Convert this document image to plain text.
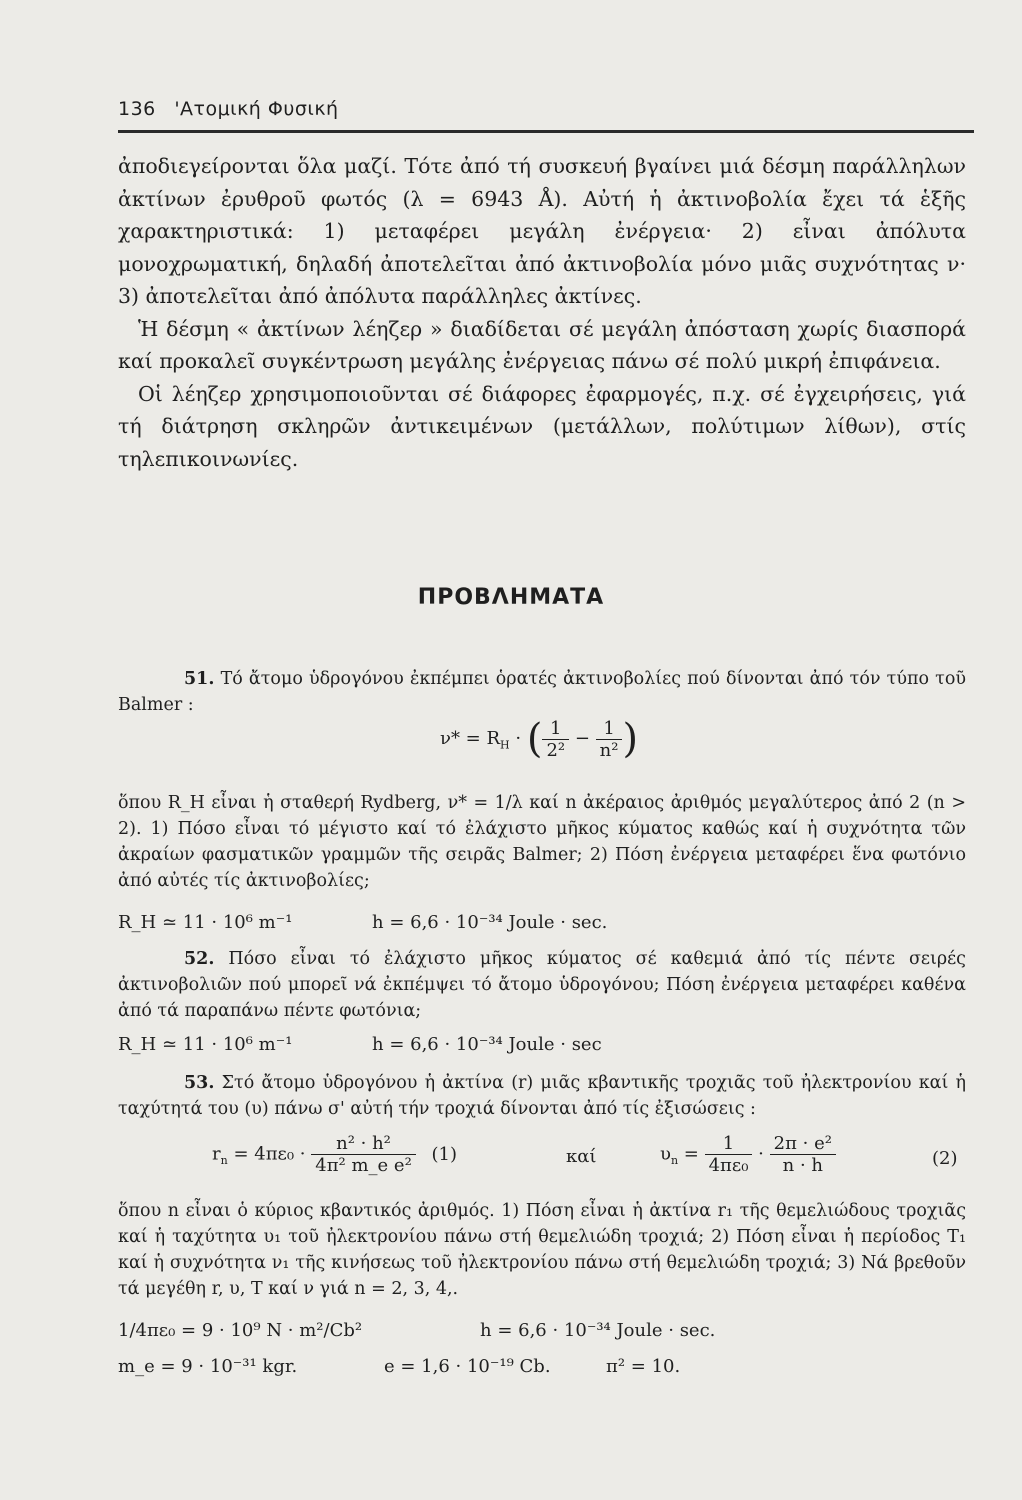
136 'Ατομική Φυσική

ἀποδιεγείρονται ὅλα μαζί. Τότε ἀπό τή συσκευή βγαίνει μιά δέσμη παράλληλων ἀκτίνων ἐρυθροῦ φωτός (λ = 6943 Å). Αὐτή ἡ ἀκτινοβολία ἔχει τά ἑξῆς χαρακτηριστικά: 1) μεταφέρει μεγάλη ἐνέργεια· 2) εἶναι ἀπόλυτα μονοχρωματική, δηλαδή ἀποτελεῖται ἀπό ἀκτινοβολία μόνο μιᾶς συχνότητας ν· 3) ἀποτελεῖται ἀπό ἀπόλυτα παράλληλες ἀκτίνες.

Ἡ δέσμη « ἀκτίνων λέηζερ » διαδίδεται σέ μεγάλη ἀπόσταση χωρίς διασπορά καί προκαλεῖ συγκέντρωση μεγάλης ἐνέργειας πάνω σέ πολύ μικρή ἐπιφάνεια.

Οἱ λέηζερ χρησιμοποιοῦνται σέ διάφορες ἐφαρμογές, π.χ. σέ ἐγχειρήσεις, γιά τή διάτρηση σκληρῶν ἀντικειμένων (μετάλλων, πολύτιμων λίθων), στίς τηλεπικοινωνίες.

ΠΡΟΒΛΗΜΑΤΑ

51. Τό ἄτομο ὑδρογόνου ἐκπέμπει ὁρατές ἀκτινοβολίες πού δίνονται ἀπό τόν τύπο τοῦ Balmer :

$\nu* = R_H$ · ( $\frac{1}{\text{2²}} - \frac{1}{\text{n²}}$ )

ὅπου R_H εἶναι ἡ σταθερή Rydberg, ν* = 1/λ καί n ἀκέραιος ἀριθμός μεγαλύτερος ἀπό 2 (n > 2). 1) Πόσο εἶναι τό μέγιστο καί τό ἐλάχιστο μῆκος κύματος καθώς καί ἡ συχνότητα τῶν ἀκραίων φασματικῶν γραμμῶν τῆς σειρᾶς Balmer; 2) Πόση ἐνέργεια μεταφέρει ἕνα φωτόνιο ἀπό αὐτές τίς ἀκτινοβολίες;

R_H ≃ 11 · 10⁶ m⁻¹	h = 6,6 · 10⁻³⁴ Joule · sec.

52. Πόσο εἶναι τό ἐλάχιστο μῆκος κύματος σέ καθεμιά ἀπό τίς πέντε σειρές ἀκτινοβολιῶν πού μπορεῖ νά ἐκπέμψει τό ἄτομο ὑδρογόνου; Πόση ἐνέργεια μεταφέρει καθένα ἀπό τά παραπάνω πέντε φωτόνια;

R_H ≃ 11 · 10⁶ m⁻¹	h = 6,6 · 10⁻³⁴ Joule · sec

53. Στό ἄτομο ὑδρογόνου ἡ ἀκτίνα (r) μιᾶς κβαντικῆς τροχιᾶς τοῦ ἠλεκτρονίου καί ἡ ταχύτητά του (υ) πάνω σ' αὐτή τήν τροχιά δίνονται ἀπό τίς ἐξισώσεις :

$r_n = 4\pi\varepsilon_0 \cdot \frac{\text{n² · h²}}{\text{4π² m\_e e²}} (1)$	καί	$\upsilon_n = \frac{1}{\text{4πε₀}} \cdot \frac{\text{2π · e²}}{n \cdot h}$	(2)

ὅπου n εἶναι ὁ κύριος κβαντικός ἀριθμός. 1) Πόση εἶναι ἡ ἀκτίνα r₁ τῆς θεμελιώδους τροχιᾶς καί ἡ ταχύτητα υ₁ τοῦ ἠλεκτρονίου πάνω στή θεμελιώδη τροχιά; 2) Πόση εἶναι ἡ περίοδος T₁ καί ἡ συχνότητα ν₁ τῆς κινήσεως τοῦ ἠλεκτρονίου πάνω στή θεμελιώδη τροχιά; 3) Νά βρεθοῦν τά μεγέθη r, υ, T καί ν γιά n = 2, 3, 4,.

1/4πε₀ = 9 · 10⁹ N · m²/Cb²	h = 6,6 · 10⁻³⁴ Joule · sec.
m_e = 9 · 10⁻³¹ kgr.	e = 1,6 · 10⁻¹⁹ Cb.	π² = 10.
